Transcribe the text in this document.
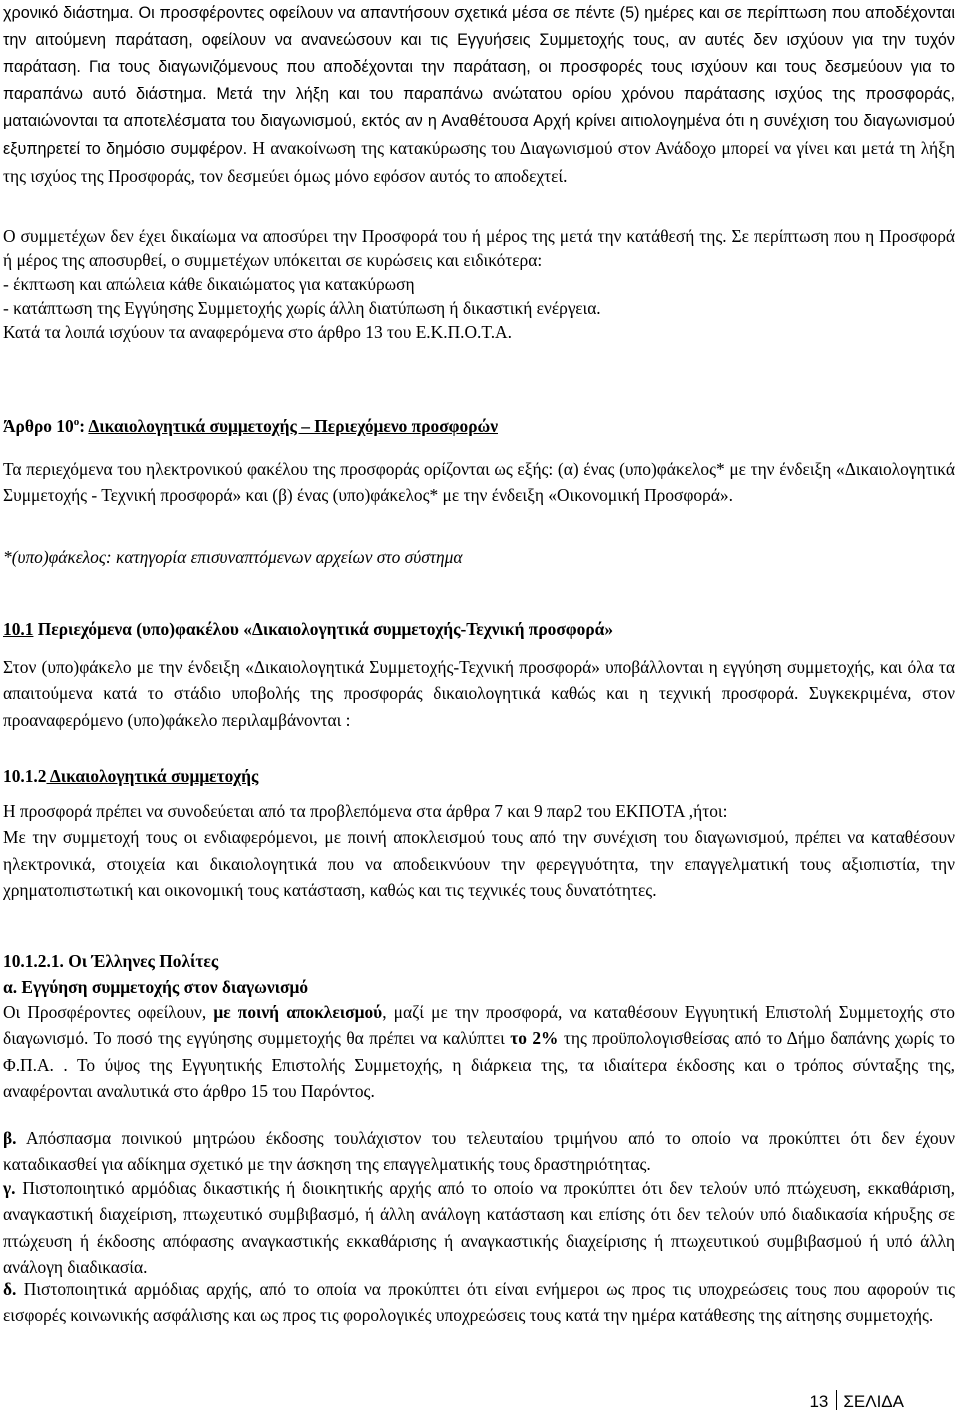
χρονικό διάστημα. Οι προσφέροντες οφείλουν να απαντήσουν σχετικά μέσα σε πέντε (5) ημέρες και σε περίπτωση που αποδέχονται την αιτούμενη παράταση, οφείλουν να ανανεώσουν και τις Εγγυήσεις Συμμετοχής τους, αν αυτές δεν ισχύουν για την τυχόν παράταση. Για τους διαγωνιζόμενους που αποδέχονται την παράταση, οι προσφορές τους ισχύουν και τους δεσμεύουν για το παραπάνω αυτό διάστημα. Μετά την λήξη και του παραπάνω ανώτατου ορίου χρόνου παράτασης ισχύος της προσφοράς, ματαιώνονται τα αποτελέσματα του διαγωνισμού, εκτός αν η Αναθέτουσα Αρχή κρίνει αιτιολογημένα ότι η συνέχιση του διαγωνισμού εξυπηρετεί το δημόσιο συμφέρον. Η ανακοίνωση της κατακύρωσης του Διαγωνισμού στον Ανάδοχο μπορεί να γίνει και μετά τη λήξη της ισχύος της Προσφοράς, τον δεσμεύει όμως μόνο εφόσον αυτός το αποδεχτεί.

Ο συμμετέχων δεν έχει δικαίωμα να αποσύρει την Προσφορά του ή μέρος της μετά την κατάθεσή της. Σε περίπτωση που η Προσφορά ή μέρος της αποσυρθεί, ο συμμετέχων υπόκειται σε κυρώσεις και ειδικότερα:
- έκπτωση και απώλεια κάθε δικαιώματος για κατακύρωση
- κατάπτωση της Εγγύησης Συμμετοχής χωρίς άλλη διατύπωση ή δικαστική ενέργεια.
Κατά τα λοιπά ισχύουν τα αναφερόμενα στο άρθρο 13 του Ε.Κ.Π.Ο.Τ.Α.

Άρθρο $10^o$: Δικαιολογητικά συμμετοχής – Περιεχόμενο προσφορών

Τα περιεχόμενα του ηλεκτρονικού φακέλου της προσφοράς ορίζονται ως εξής: (α) ένας (υπο)φάκελος* με την ένδειξη «Δικαιολογητικά Συμμετοχής - Τεχνική προσφορά» και (β) ένας (υπο)φάκελος* με την ένδειξη «Οικονομική Προσφορά».

*(υπο)φάκελος: κατηγορία επισυναπτόμενων αρχείων στο σύστημα

10.1 Περιεχόμενα (υπο)φακέλου «Δικαιολογητικά συμμετοχής-Τεχνική προσφορά»

Στον (υπο)φάκελο με την ένδειξη «Δικαιολογητικά Συμμετοχής-Τεχνική προσφορά» υποβάλλονται η εγγύηση συμμετοχής, και όλα τα απαιτούμενα κατά το στάδιο υποβολής της προσφοράς δικαιολογητικά καθώς και η τεχνική προσφορά. Συγκεκριμένα, στον προαναφερόμενο (υπο)φάκελο περιλαμβάνονται :

10.1.2 Δικαιολογητικά συμμετοχής

Η προσφορά πρέπει να συνοδεύεται από τα προβλεπόμενα στα άρθρα 7 και 9 παρ2 του ΕΚΠΟΤΑ ,ήτοι:
Με την συμμετοχή τους οι ενδιαφερόμενοι, με ποινή αποκλεισμού τους από την συνέχιση του διαγωνισμού, πρέπει να καταθέσουν ηλεκτρονικά, στοιχεία και δικαιολογητικά που να αποδεικνύουν την φερεγγυότητα, την επαγγελματική τους αξιοπιστία, την χρηματοπιστωτική και οικονομική τους κατάσταση, καθώς και τις τεχνικές τους δυνατότητες.

10.1.2.1. Οι Έλληνες Πολίτες
α. Εγγύηση συμμετοχής στον διαγωνισμό

Οι Προσφέροντες οφείλουν, με ποινή αποκλεισμού, μαζί με την προσφορά, να καταθέσουν Εγγυητική Επιστολή Συμμετοχής στο διαγωνισμό. Το ποσό της εγγύησης συμμετοχής θα πρέπει να καλύπτει το 2% της προϋπολογισθείσας από το Δήμο δαπάνης χωρίς το Φ.Π.Α. . Το ύψος της Εγγυητικής Επιστολής Συμμετοχής, η διάρκεια της, τα ιδιαίτερα έκδοσης και ο τρόπος σύνταξης της, αναφέρονται αναλυτικά στο άρθρο 15 του Παρόντος.

β. Απόσπασμα ποινικού μητρώου έκδοσης τουλάχιστον του τελευταίου τριμήνου από το οποίο να προκύπτει ότι δεν έχουν καταδικασθεί για αδίκημα σχετικό με την άσκηση της επαγγελματικής τους δραστηριότητας.

γ. Πιστοποιητικό αρμόδιας δικαστικής ή διοικητικής αρχής από το οποίο να προκύπτει ότι δεν τελούν υπό πτώχευση, εκκαθάριση, αναγκαστική διαχείριση, πτωχευτικό συμβιβασμό, ή άλλη ανάλογη κατάσταση και επίσης ότι δεν τελούν υπό διαδικασία κήρυξης σε πτώχευση ή έκδοσης απόφασης αναγκαστικής εκκαθάρισης ή αναγκαστικής διαχείρισης ή πτωχευτικού συμβιβασμού ή υπό άλλη ανάλογη διαδικασία.

δ. Πιστοποιητικά αρμόδιας αρχής, από το οποία να προκύπτει ότι είναι ενήμεροι ως προς τις υποχρεώσεις τους που αφορούν τις εισφορές κοινωνικής ασφάλισης και ως προς τις φορολογικές υποχρεώσεις τους κατά την ημέρα κατάθεσης της αίτησης συμμετοχής.

13 ΣΕΛΙΔΑ
